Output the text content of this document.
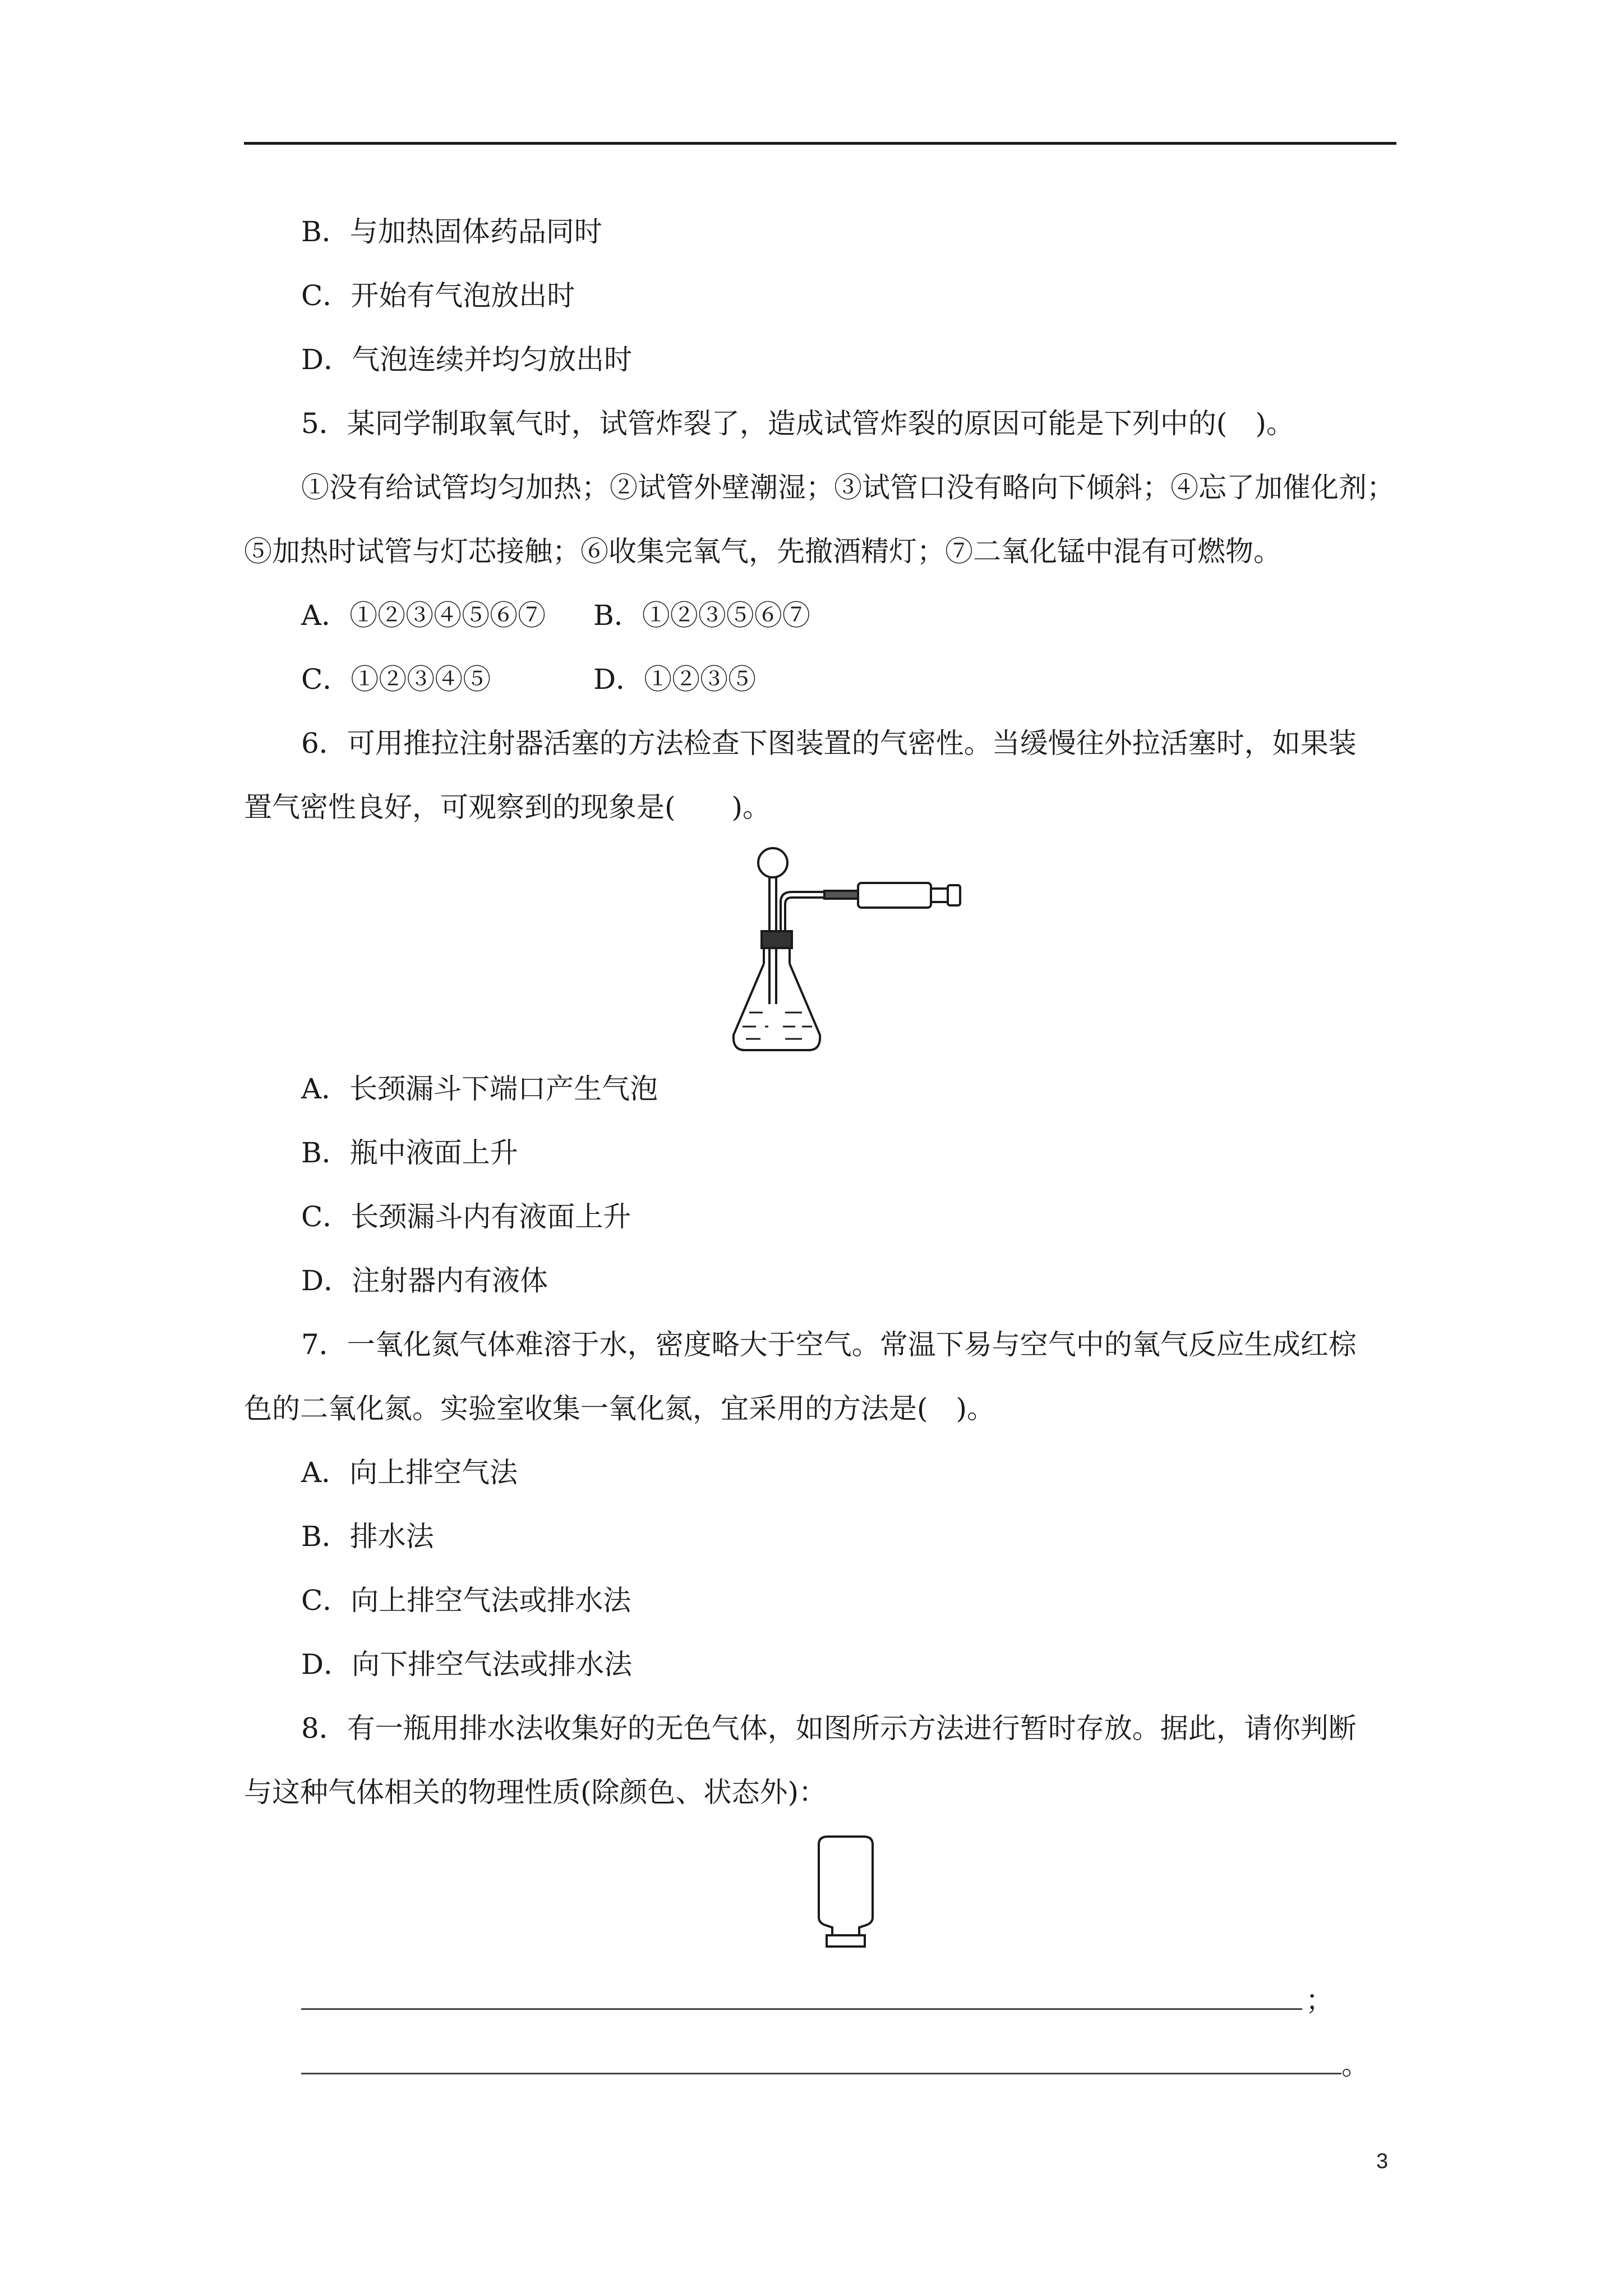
B．与加热固体药品同时
C．开始有气泡放出时
D．气泡连续并均匀放出时
5．某同学制取氧气时，试管炸裂了，造成试管炸裂的原因可能是下列中的(　)。
①没有给试管均匀加热；②试管外壁潮湿；③试管口没有略向下倾斜；④忘了加催化剂；
⑤加热时试管与灯芯接触；⑥收集完氧气，先撤酒精灯；⑦二氧化锰中混有可燃物。
A．①②③④⑤⑥⑦ B．①②③⑤⑥⑦
C．①②③④⑤	D．①②③⑤
6．可用推拉注射器活塞的方法检查下图装置的气密性。当缓慢往外拉活塞时，如果装
置气密性良好，可观察到的现象是(　　)。
A．长颈漏斗下端口产生气泡
B．瓶中液面上升
C．长颈漏斗内有液面上升
D．注射器内有液体
7．一氧化氮气体难溶于水，密度略大于空气。常温下易与空气中的氧气反应生成红棕
色的二氧化氮。实验室收集一氧化氮，宜采用的方法是(　)。
A．向上排空气法
B．排水法
C．向上排空气法或排水法
D．向下排空气法或排水法
8．有一瓶用排水法收集好的无色气体，如图所示方法进行暂时存放。据此，请你判断
与这种气体相关的物理性质(除颜色、状态外)：
；
。
3
